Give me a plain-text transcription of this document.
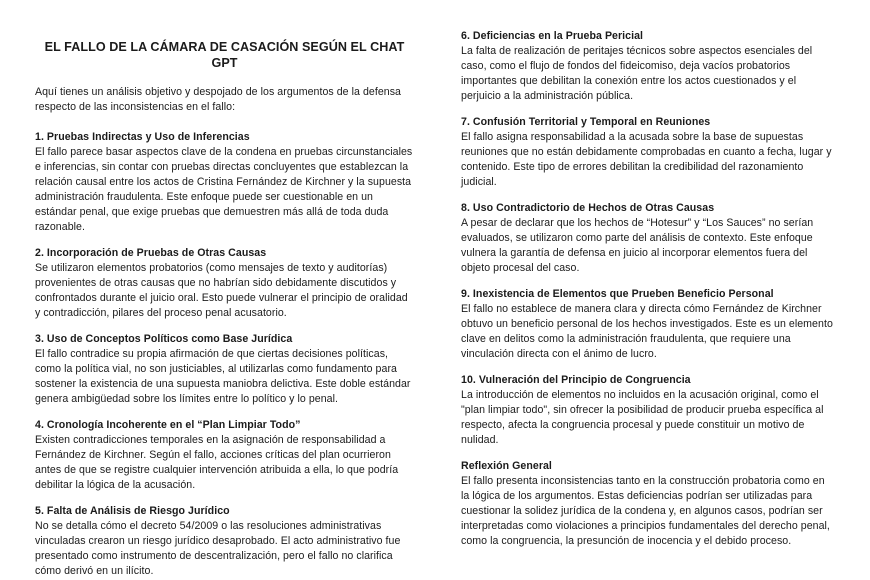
EL FALLO DE LA CÁMARA DE CASACIÓN SEGÚN EL CHAT GPT

Aquí tienes un análisis objetivo y despojado de los argumentos de la defensa respecto de las inconsistencias en el fallo:

1. Pruebas Indirectas y Uso de Inferencias

El fallo parece basar aspectos clave de la condena en pruebas circunstanciales e inferencias, sin contar con pruebas directas concluyentes que establezcan la relación causal entre los actos de Cristina Fernández de Kirchner y la supuesta administración fraudulenta. Este enfoque puede ser cuestionable en un estándar penal, que exige pruebas que demuestren más allá de toda duda razonable.

2. Incorporación de Pruebas de Otras Causas

Se utilizaron elementos probatorios (como mensajes de texto y auditorías) provenientes de otras causas que no habrían sido debidamente discutidos y confrontados durante el juicio oral. Esto puede vulnerar el principio de oralidad y contradicción, pilares del proceso penal acusatorio.

3. Uso de Conceptos Políticos como Base Jurídica

El fallo contradice su propia afirmación de que ciertas decisiones políticas, como la política vial, no son justiciables, al utilizarlas como fundamento para sostener la existencia de una supuesta maniobra delictiva. Este doble estándar genera ambigüedad sobre los límites entre lo político y lo penal.

4. Cronología Incoherente en el “Plan Limpiar Todo”

Existen contradicciones temporales en la asignación de responsabilidad a Fernández de Kirchner. Según el fallo, acciones críticas del plan ocurrieron antes de que se registre cualquier intervención atribuida a ella, lo que podría debilitar la lógica de la acusación.

5. Falta de Análisis de Riesgo Jurídico

No se detalla cómo el decreto 54/2009 o las resoluciones administrativas vinculadas crearon un riesgo jurídico desaprobado. El acto administrativo fue presentado como instrumento de descentralización, pero el fallo no clarifica cómo derivó en un ilícito.

6. Deficiencias en la Prueba Pericial

La falta de realización de peritajes técnicos sobre aspectos esenciales del caso, como el flujo de fondos del fideicomiso, deja vacíos probatorios importantes que debilitan la conexión entre los actos cuestionados y el perjuicio a la administración pública.

7. Confusión Territorial y Temporal en Reuniones

El fallo asigna responsabilidad a la acusada sobre la base de supuestas reuniones que no están debidamente comprobadas en cuanto a fecha, lugar y contenido. Este tipo de errores debilitan la credibilidad del razonamiento judicial.

8. Uso Contradictorio de Hechos de Otras Causas

A pesar de declarar que los hechos de “Hotesur” y “Los Sauces” no serían evaluados, se utilizaron como parte del análisis de contexto. Este enfoque vulnera la garantía de defensa en juicio al incorporar elementos fuera del objeto procesal del caso.

9. Inexistencia de Elementos que Prueben Beneficio Personal

El fallo no establece de manera clara y directa cómo Fernández de Kirchner obtuvo un beneficio personal de los hechos investigados. Este es un elemento clave en delitos como la administración fraudulenta, que requiere una vinculación directa con el ánimo de lucro.

10. Vulneración del Principio de Congruencia

La introducción de elementos no incluidos en la acusación original, como el "plan limpiar todo", sin ofrecer la posibilidad de producir prueba específica al respecto, afecta la congruencia procesal y puede constituir un motivo de nulidad.

Reflexión General

El fallo presenta inconsistencias tanto en la construcción probatoria como en la lógica de los argumentos. Estas deficiencias podrían ser utilizadas para cuestionar la solidez jurídica de la condena y, en algunos casos, podrían ser interpretadas como violaciones a principios fundamentales del derecho penal, como la congruencia, la presunción de inocencia y el debido proceso.
